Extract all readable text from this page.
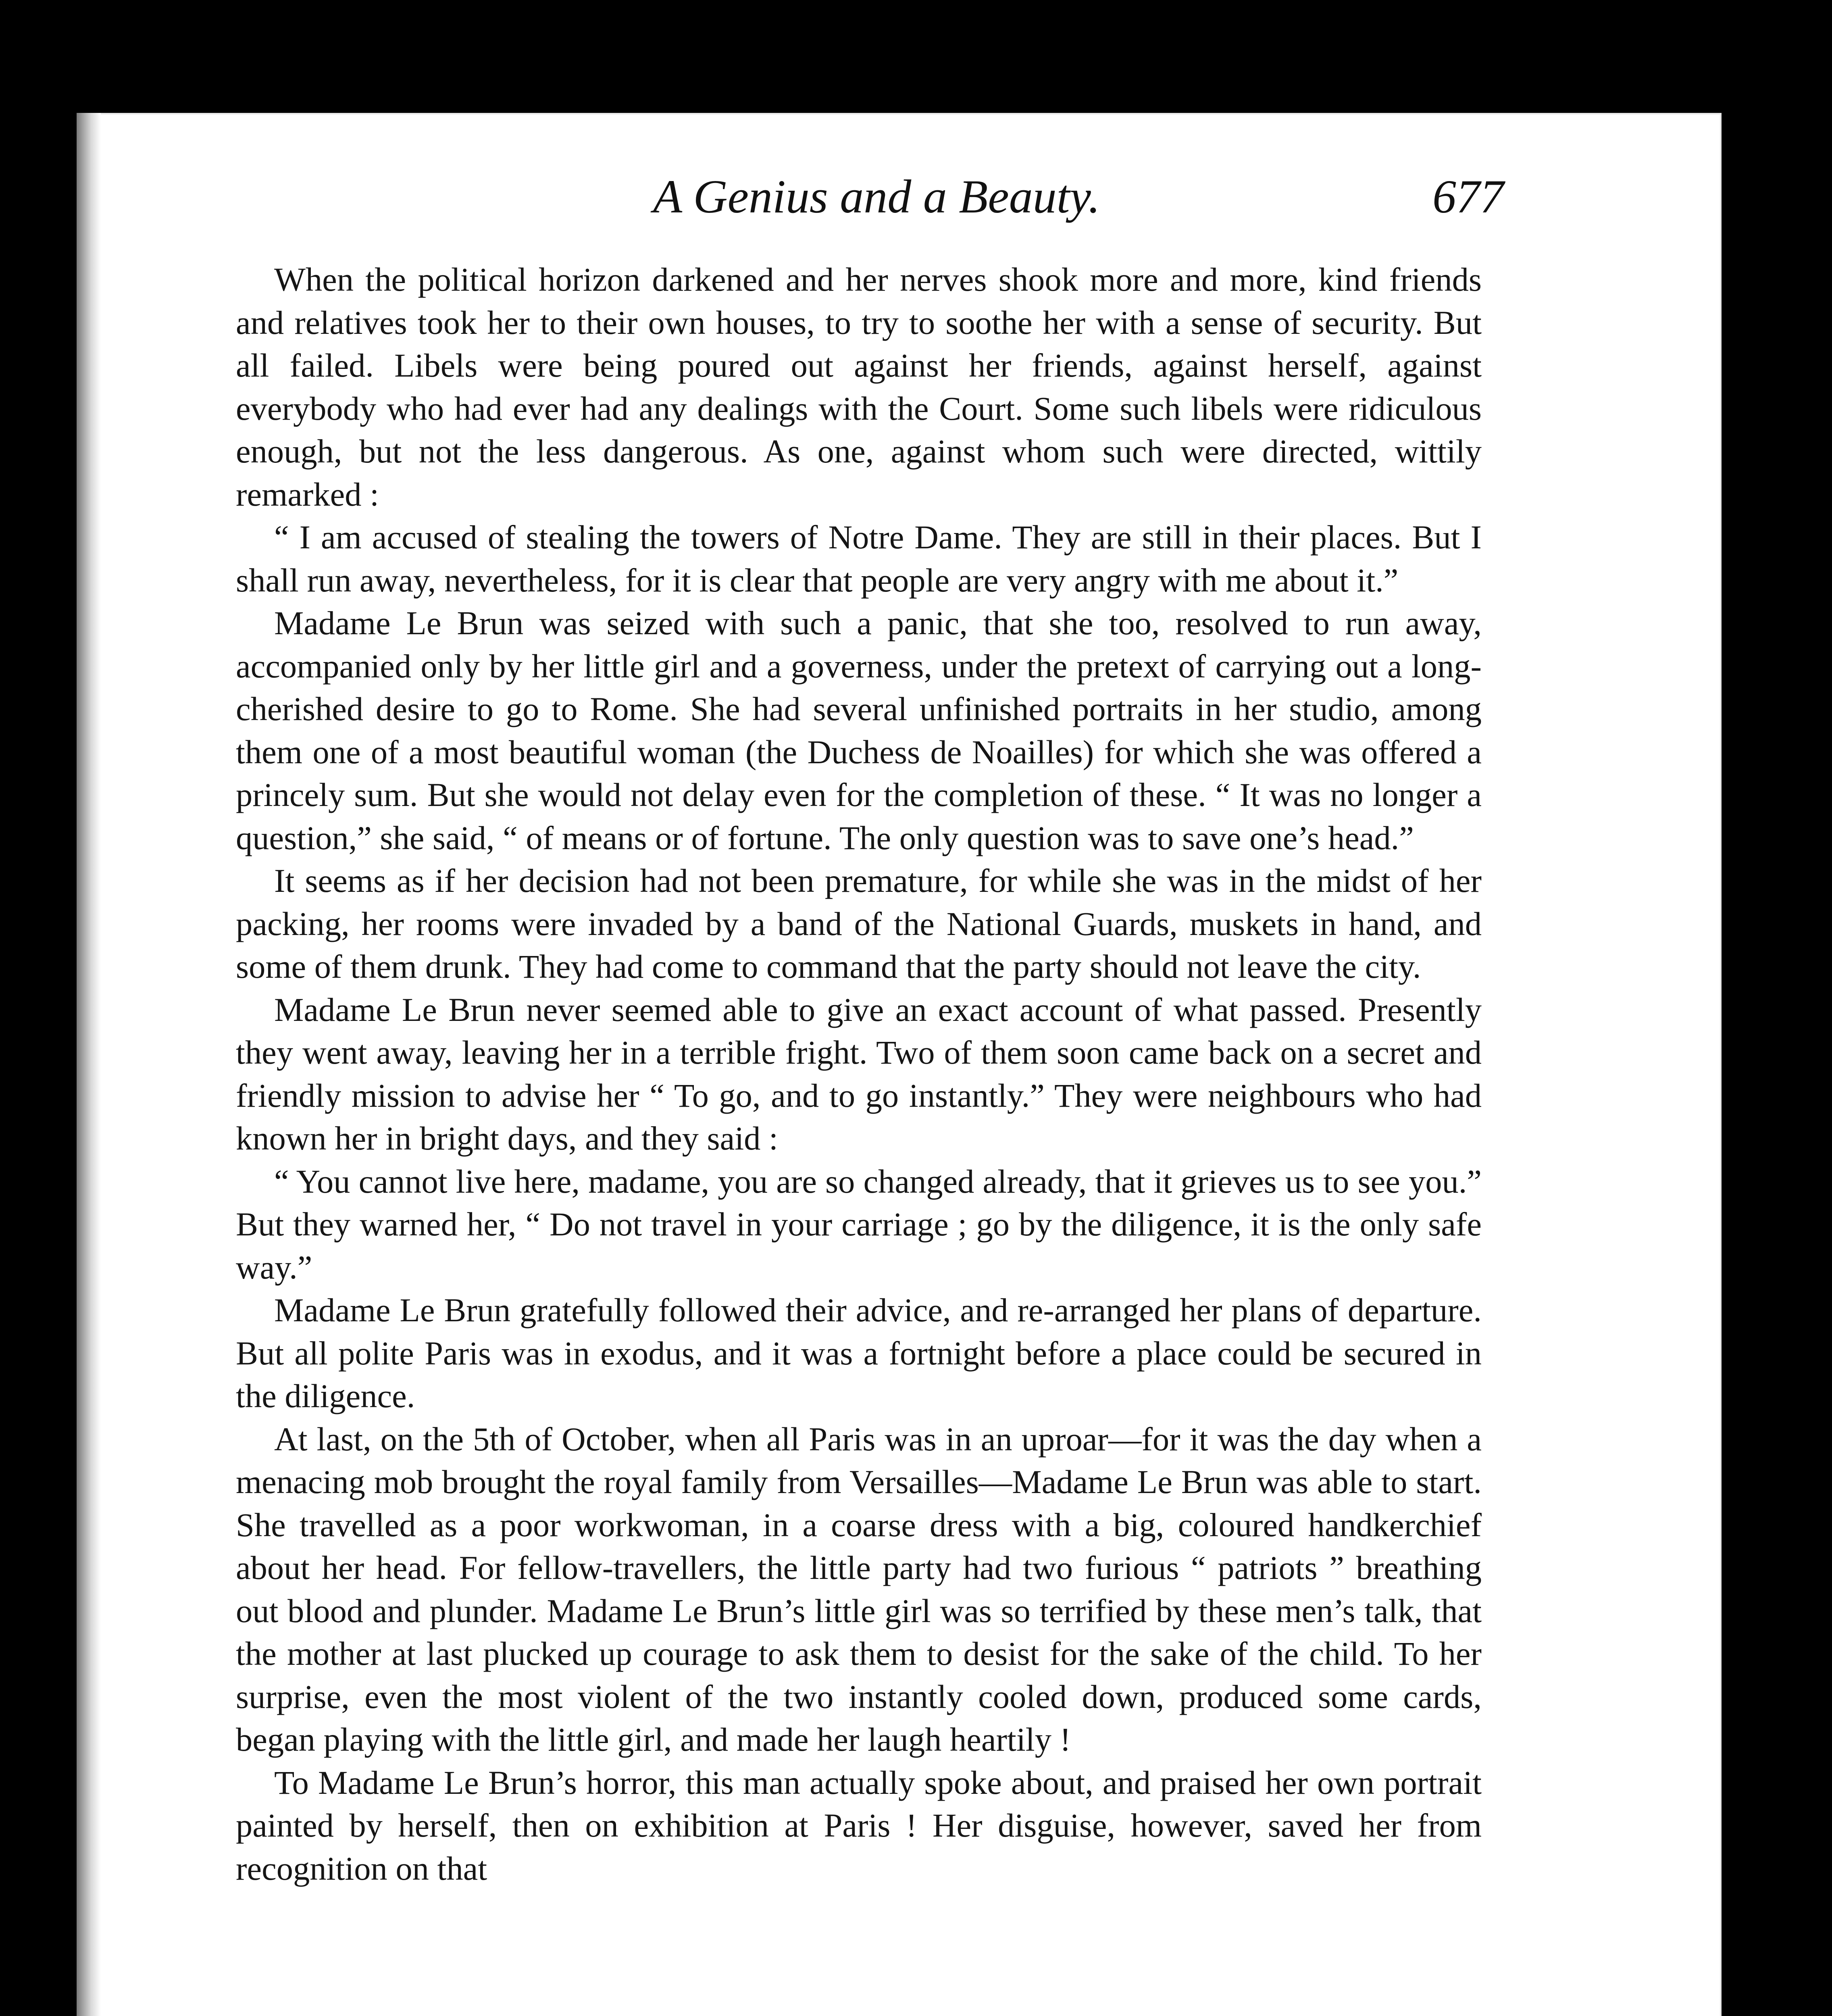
A Genius and a Beauty.	677

When the political horizon darkened and her nerves shook more and more, kind friends and relatives took her to their own houses, to try to soothe her with a sense of security. But all failed. Libels were being poured out against her friends, against herself, against everybody who had ever had any dealings with the Court. Some such libels were ridiculous enough, but not the less dangerous. As one, against whom such were directed, wittily remarked :

“ I am accused of stealing the towers of Notre Dame. They are still in their places. But I shall run away, nevertheless, for it is clear that people are very angry with me about it.”

Madame Le Brun was seized with such a panic, that she too, resolved to run away, accompanied only by her little girl and a governess, under the pretext of carrying out a long-cherished desire to go to Rome. She had several unfinished portraits in her studio, among them one of a most beautiful woman (the Duchess de Noailles) for which she was offered a princely sum. But she would not delay even for the completion of these. “ It was no longer a question,” she said, “ of means or of fortune. The only question was to save one’s head.”

It seems as if her decision had not been premature, for while she was in the midst of her packing, her rooms were invaded by a band of the National Guards, muskets in hand, and some of them drunk. They had come to command that the party should not leave the city.

Madame Le Brun never seemed able to give an exact account of what passed. Presently they went away, leaving her in a terrible fright. Two of them soon came back on a secret and friendly mission to advise her “ To go, and to go instantly.” They were neighbours who had known her in bright days, and they said :

“ You cannot live here, madame, you are so changed already, that it grieves us to see you.” But they warned her, “ Do not travel in your carriage ; go by the diligence, it is the only safe way.”

Madame Le Brun gratefully followed their advice, and re-arranged her plans of departure. But all polite Paris was in exodus, and it was a fortnight before a place could be secured in the diligence.

At last, on the 5th of October, when all Paris was in an uproar—for it was the day when a menacing mob brought the royal family from Versailles—Madame Le Brun was able to start. She travelled as a poor workwoman, in a coarse dress with a big, coloured handkerchief about her head. For fellow-travellers, the little party had two furious “ patriots ” breathing out blood and plunder. Madame Le Brun’s little girl was so terrified by these men’s talk, that the mother at last plucked up courage to ask them to desist for the sake of the child. To her surprise, even the most violent of the two instantly cooled down, produced some cards, began playing with the little girl, and made her laugh heartily !

To Madame Le Brun’s horror, this man actually spoke about, and praised her own portrait painted by herself, then on exhibition at Paris ! Her disguise, however, saved her from recognition on that
